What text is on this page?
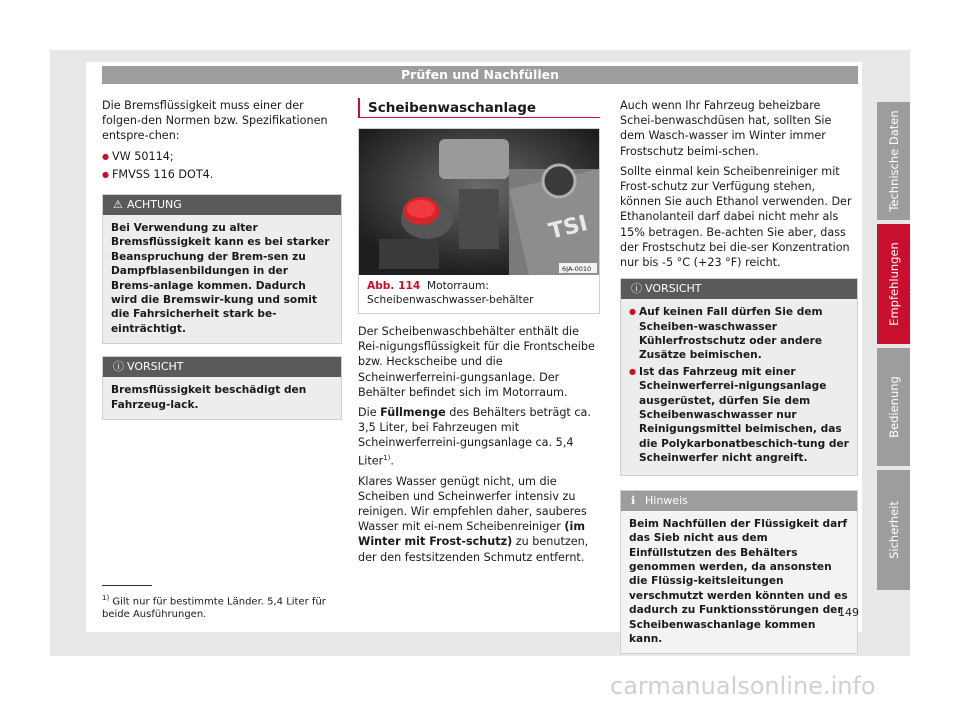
Prüfen und Nachfüllen
Technische Daten
Empfehlungen
Bedienung
Sicherheit

Die Bremsflüssigkeit muss einer der folgen-den Normen bzw. Spezifikationen entspre-chen:

● VW 50114;
● FMVSS 116 DOT4.
⚠ ACHTUNG
Bei Verwendung zu alter Bremsflüssigkeit kann es bei starker Beanspruchung der Brem-sen zu Dampfblasenbildungen in der Brems-anlage kommen. Dadurch wird die Bremswir-kung und somit die Fahrsicherheit stark be-einträchtigt.
ⓘ VORSICHT
Bremsflüssigkeit beschädigt den Fahrzeug-lack.
Scheibenwaschanlage
TSI
6JA-0010
Abb. 114 Motorraum: Scheibenwaschwasser-behälter

Der Scheibenwaschbehälter enthält die Rei-nigungsflüssigkeit für die Frontscheibe bzw. Heckscheibe und die Scheinwerferreini-gungsanlage. Der Behälter befindet sich im Motorraum.

Die Füllmenge des Behälters beträgt ca. 3,5 Liter, bei Fahrzeugen mit Scheinwerferreini-gungsanlage ca. 5,4 Liter$^{1)}$.

Klares Wasser genügt nicht, um die Scheiben und Scheinwerfer intensiv zu reinigen. Wir empfehlen daher, sauberes Wasser mit ei-nem Scheibenreiniger (im Winter mit Frost-schutz) zu benutzen, der den festsitzenden Schmutz entfernt.

Auch wenn Ihr Fahrzeug beheizbare Schei-benwaschdüsen hat, sollten Sie dem Wasch-wasser im Winter immer Frostschutz beimi-schen.

Sollte einmal kein Scheibenreiniger mit Frost-schutz zur Verfügung stehen, können Sie auch Ethanol verwenden. Der Ethanolanteil darf dabei nicht mehr als 15% betragen. Be-achten Sie aber, dass der Frostschutz bei die-ser Konzentration nur bis -5 °C (+23 °F) reicht.

ⓘ VORSICHT
● Auf keinen Fall dürfen Sie dem Scheiben-waschwasser Kühlerfrostschutz oder andere Zusätze beimischen.
● Ist das Fahrzeug mit einer Scheinwerferrei-nigungsanlage ausgerüstet, dürfen Sie dem Scheibenwaschwasser nur Reinigungsmittel beimischen, das die Polykarbonatbeschich-tung der Scheinwerfer nicht angreift.
ℹ Hinweis
Beim Nachfüllen der Flüssigkeit darf das Sieb nicht aus dem Einfüllstutzen des Behälters genommen werden, da ansonsten die Flüssig-keitsleitungen verschmutzt werden könnten und es dadurch zu Funktionsstörungen der Scheibenwaschanlage kommen kann.
$^{1)}$ Gilt nur für bestimmte Länder. 5,4 Liter für beide Ausführungen.	149
carmanualsonline.info
